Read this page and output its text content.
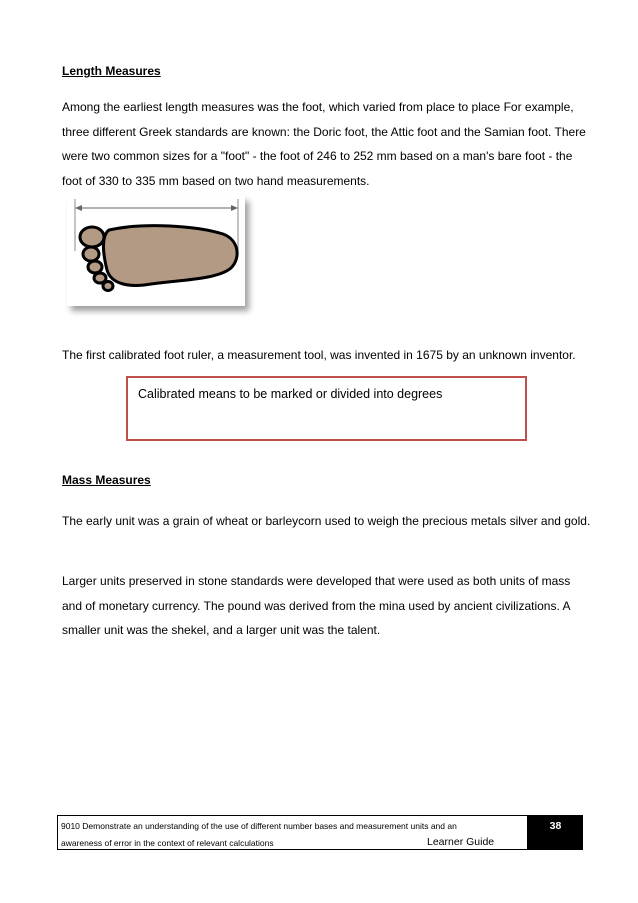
Length Measures

Among the earliest length measures was the foot, which varied from place to place For example, three different Greek standards are known: the Doric foot, the Attic foot and the Samian foot. There were two common sizes for a "foot" - the foot of 246 to 252 mm based on a man's bare foot - the foot of 330 to 335 mm based on two hand measurements.

The first calibrated foot ruler, a measurement tool, was invented in 1675 by an unknown inventor.

Calibrated means to be marked or divided into degrees

Mass Measures

The early unit was a grain of wheat or barleycorn used to weigh the precious metals silver and gold.

Larger units preserved in stone standards were developed that were used as both units of mass and of monetary currency. The pound was derived from the mina used by ancient civilizations. A smaller unit was the shekel, and a larger unit was the talent.

9010 Demonstrate an understanding of the use of different number bases and measurement units and an

awareness of error in the context of relevant calculations	Learner Guide

38
